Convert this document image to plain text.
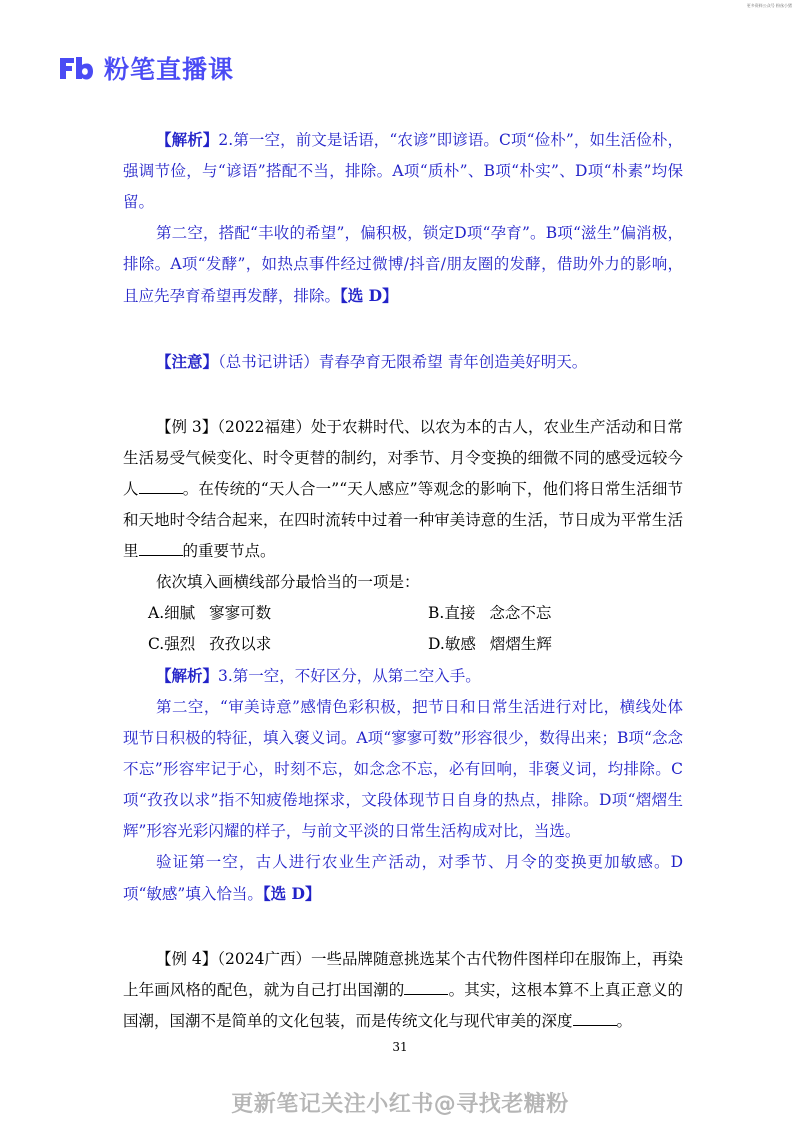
更多资料公众号 粉丝小猪
粉笔直播课

【解析】2.第一空，前文是话语，“农谚”即谚语。C项“俭朴”，如生活俭朴，强调节俭，与“谚语”搭配不当，排除。A项“质朴”、B项“朴实”、D项“朴素”均保留。

第二空，搭配“丰收的希望”，偏积极，锁定D项“孕育”。B项“滋生”偏消极，排除。A项“发酵”，如热点事件经过微博/抖音/朋友圈的发酵，借助外力的影响，且应先孕育希望再发酵，排除。【选 D】

【注意】（总书记讲话）青春孕育无限希望 青年创造美好明天。

【例 3】（2022福建）处于农耕时代、以农为本的古人，农业生产活动和日常生活易受气候变化、时令更替的制约，对季节、月令变换的细微不同的感受远较今人	。在传统的“天人合一”“天人感应”等观念的影响下，他们将日常生活细节和天地时令结合起来，在四时流转中过着一种审美诗意的生活，节日成为平常生活里	的重要节点。

依次填入画横线部分最恰当的一项是：

A.细腻 寥寥可数	B.直接 念念不忘
C.强烈 孜孜以求	D.敏感 熠熠生辉

【解析】3.第一空，不好区分，从第二空入手。

第二空，“审美诗意”感情色彩积极，把节日和日常生活进行对比，横线处体现节日积极的特征，填入褒义词。A项“寥寥可数”形容很少，数得出来；B项“念念不忘”形容牢记于心，时刻不忘，如念念不忘，必有回响，非褒义词，均排除。C项“孜孜以求”指不知疲倦地探求，文段体现节日自身的热点，排除。D项“熠熠生辉”形容光彩闪耀的样子，与前文平淡的日常生活构成对比，当选。

验证第一空，古人进行农业生产活动，对季节、月令的变换更加敏感。D项“敏感”填入恰当。【选 D】

【例 4】（2024广西）一些品牌随意挑选某个古代物件图样印在服饰上，再染上年画风格的配色，就为自己打出国潮的	。其实，这根本算不上真正意义的国潮，国潮不是简单的文化包装，而是传统文化与现代审美的深度	。

31
更新笔记关注小红书@寻找老糖粉
